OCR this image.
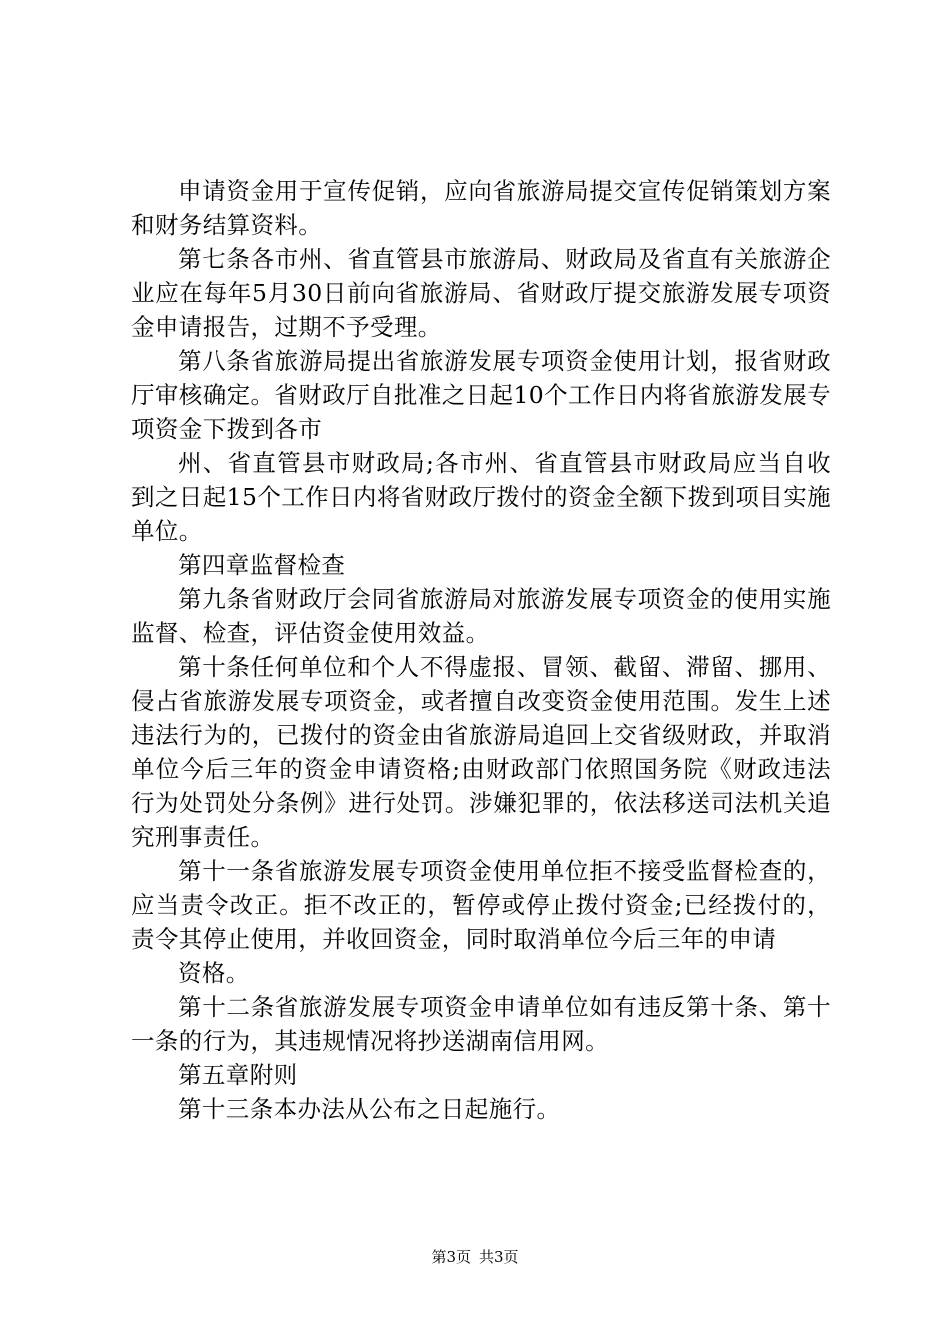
申请资金用于宣传促销，应向省旅游局提交宣传促销策划方案和财务结算资料。

第七条各市州、省直管县市旅游局、财政局及省直有关旅游企业应在每年5月30日前向省旅游局、省财政厅提交旅游发展专项资金申请报告，过期不予受理。

第八条省旅游局提出省旅游发展专项资金使用计划，报省财政厅审核确定。省财政厅自批准之日起10个工作日内将省旅游发展专项资金下拨到各市

州、省直管县市财政局;各市州、省直管县市财政局应当自收到之日起15个工作日内将省财政厅拨付的资金全额下拨到项目实施单位。

第四章监督检查

第九条省财政厅会同省旅游局对旅游发展专项资金的使用实施监督、检查，评估资金使用效益。

第十条任何单位和个人不得虚报、冒领、截留、滞留、挪用、侵占省旅游发展专项资金，或者擅自改变资金使用范围。发生上述违法行为的，已拨付的资金由省旅游局追回上交省级财政，并取消单位今后三年的资金申请资格;由财政部门依照国务院《财政违法行为处罚处分条例》进行处罚。涉嫌犯罪的，依法移送司法机关追究刑事责任。

第十一条省旅游发展专项资金使用单位拒不接受监督检查的，应当责令改正。拒不改正的，暂停或停止拨付资金;已经拨付的，责令其停止使用，并收回资金，同时取消单位今后三年的申请

资格。

第十二条省旅游发展专项资金申请单位如有违反第十条、第十一条的行为，其违规情况将抄送湖南信用网。

第五章附则

第十三条本办法从公布之日起施行。

第3页 共3页
